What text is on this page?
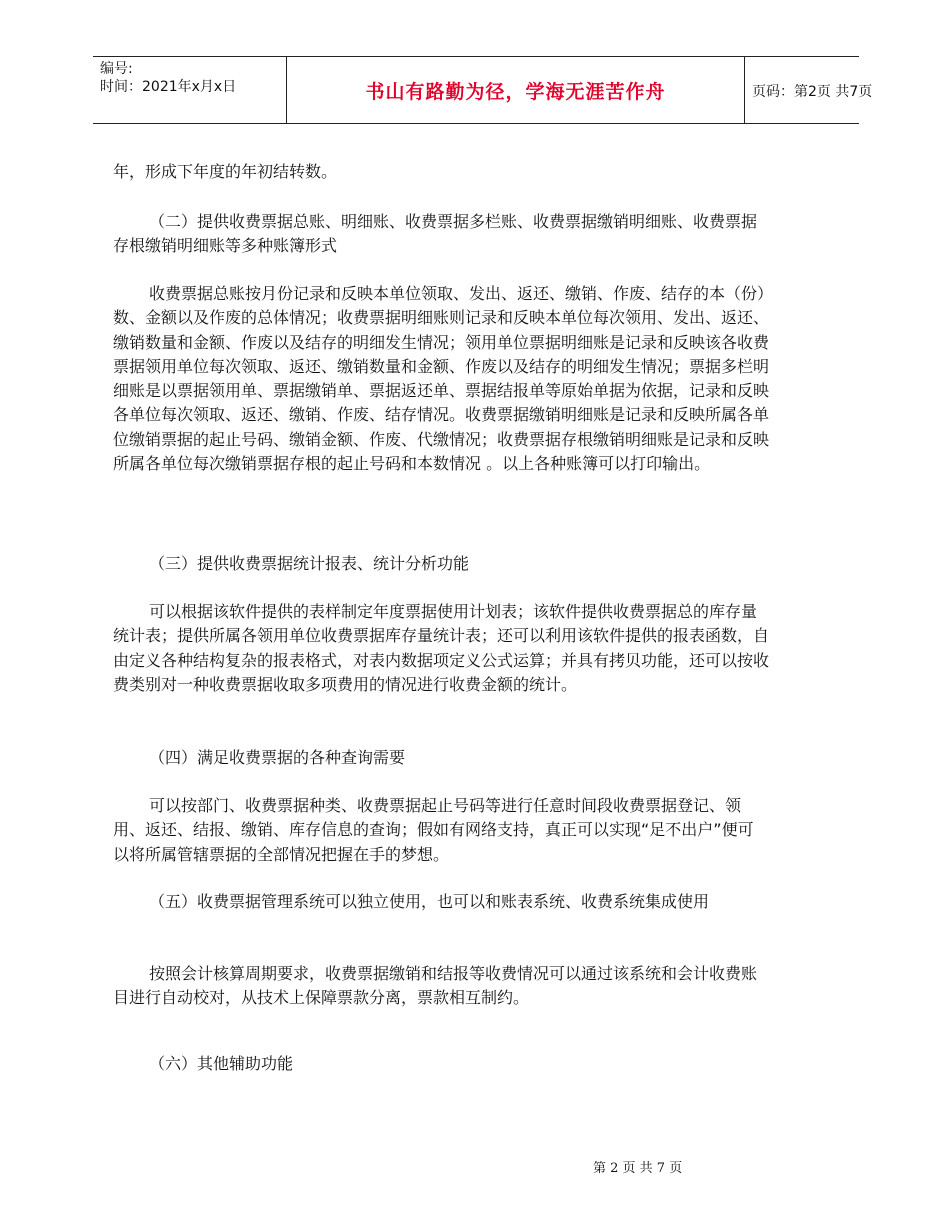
编号:
时间：2021年x月x日	书山有路勤为径，学海无涯苦作舟	页码：第2页 共7页

年，形成下年度的年初结转数。

（二）提供收费票据总账、明细账、收费票据多栏账、收费票据缴销明细账、收费票据存根缴销明细账等多种账簿形式

收费票据总账按月份记录和反映本单位领取、发出、返还、缴销、作废、结存的本（份）数、金额以及作废的总体情况；收费票据明细账则记录和反映本单位每次领用、发出、返还、缴销数量和金额、作废以及结存的明细发生情况；领用单位票据明细账是记录和反映该各收费票据领用单位每次领取、返还、缴销数量和金额、作废以及结存的明细发生情况；票据多栏明细账是以票据领用单、票据缴销单、票据返还单、票据结报单等原始单据为依据，记录和反映各单位每次领取、返还、缴销、作废、结存情况。收费票据缴销明细账是记录和反映所属各单位缴销票据的起止号码、缴销金额、作废、代缴情况；收费票据存根缴销明细账是记录和反映所属各单位每次缴销票据存根的起止号码和本数情况 。以上各种账簿可以打印输出。

（三）提供收费票据统计报表、统计分析功能

可以根据该软件提供的表样制定年度票据使用计划表；该软件提供收费票据总的库存量统计表；提供所属各领用单位收费票据库存量统计表；还可以利用该软件提供的报表函数，自由定义各种结构复杂的报表格式，对表内数据项定义公式运算；并具有拷贝功能，还可以按收费类别对一种收费票据收取多项费用的情况进行收费金额的统计。

（四）满足收费票据的各种查询需要

可以按部门、收费票据种类、收费票据起止号码等进行任意时间段收费票据登记、领用、返还、结报、缴销、库存信息的查询；假如有网络支持，真正可以实现“足不出户”便可以将所属管辖票据的全部情况把握在手的梦想。

（五）收费票据管理系统可以独立使用，也可以和账表系统、收费系统集成使用

按照会计核算周期要求，收费票据缴销和结报等收费情况可以通过该系统和会计收费账目进行自动校对，从技术上保障票款分离，票款相互制约。

（六）其他辅助功能

第 2 页 共 7 页
